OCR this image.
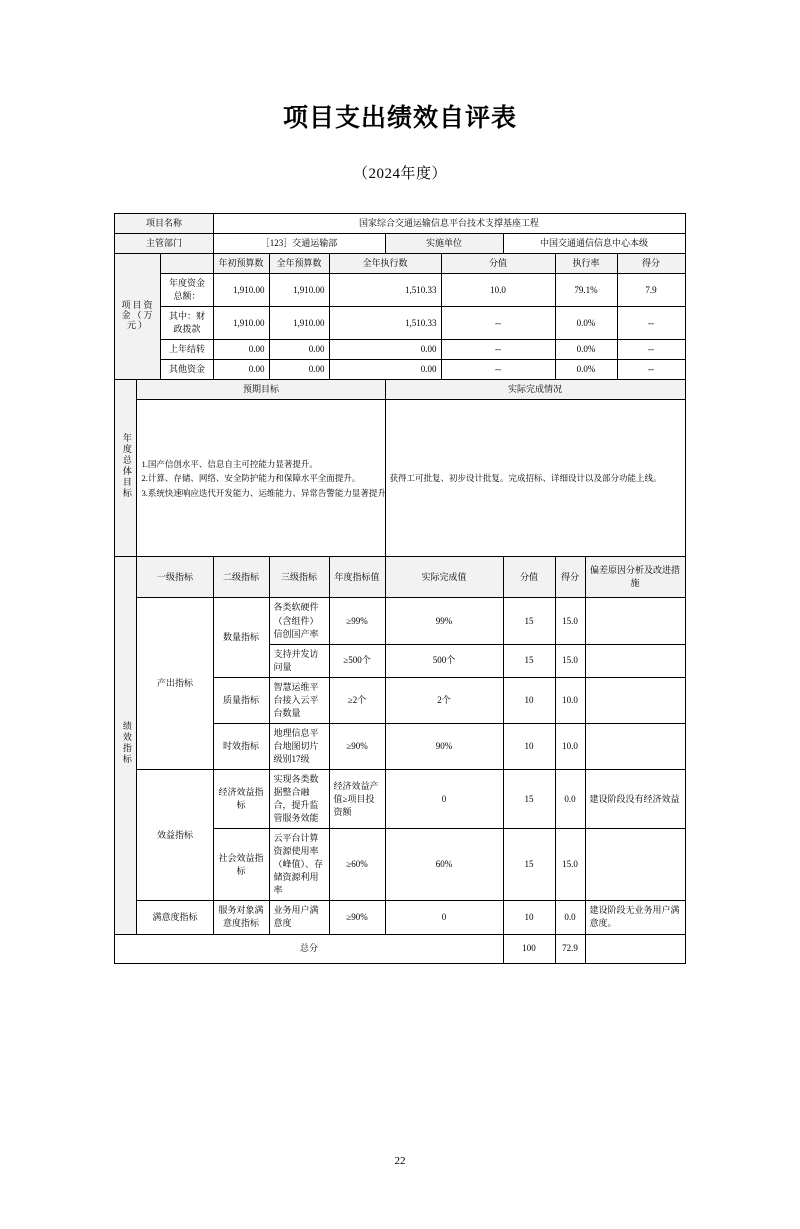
项目支出绩效自评表
（2024年度）
项目名称			国家综合交通运输信息平台技术支撑基座工程								
主管部门			［123］交通运输部			实施单位		中国交通通信信息中心本级			
项目资金（万元）			年初预算数	全年预算数	全年执行数		分值		执行率		得分
		年度资金总额：	1,910.00	1,910.00	1,510.33		10.0		79.1%		7.9
		其中：财政拨款	1,910.00	1,910.00	1,510.33		--		0.0%		--
		上年结转	0.00	0.00	0.00		--		0.0%		--
		其他资金	0.00	0.00	0.00		--		0.0%		--
年度总体目标	预期目标					实际完成情况					

	1.国产信创水平、信息自主可控能力显著提升。
2.计算、存储、网络、安全防护能力和保障水平全面提升。
3.系统快速响应迭代开发能力、运维能力、异常告警能力显著提升					获得工可批复、初步设计批复。完成招标、详细设计以及部分功能上线。					

绩效指标	一级指标		二级指标	三级指标	年度指标值	实际完成值		分值	得分	偏差原因分析及改进措施	
	产出指标		数量指标	各类软硬件（含组件）信创国产率	≥99%	99%		15	15.0		
				支持并发访问量	≥500个	500个		15	15.0		
			质量指标	智慧运维平台接入云平台数量	≥2个	2个		10	10.0		
			时效指标	地理信息平台地图切片级别17级	≥90%	90%		10	10.0		
	效益指标		经济效益指标	实现各类数据整合融合，提升监管服务效能	经济效益产值≥项目投资额	0		15	0.0	建设阶段没有经济效益	
			社会效益指标	云平台计算资源使用率（峰值）、存储资源利用率	≥60%	60%		15	15.0		
	满意度指标		服务对象满意度指标	业务用户满意度	≥90%	0		10	0.0	建设阶段无业务用户满意度。	
总分								100	72.9		
22
